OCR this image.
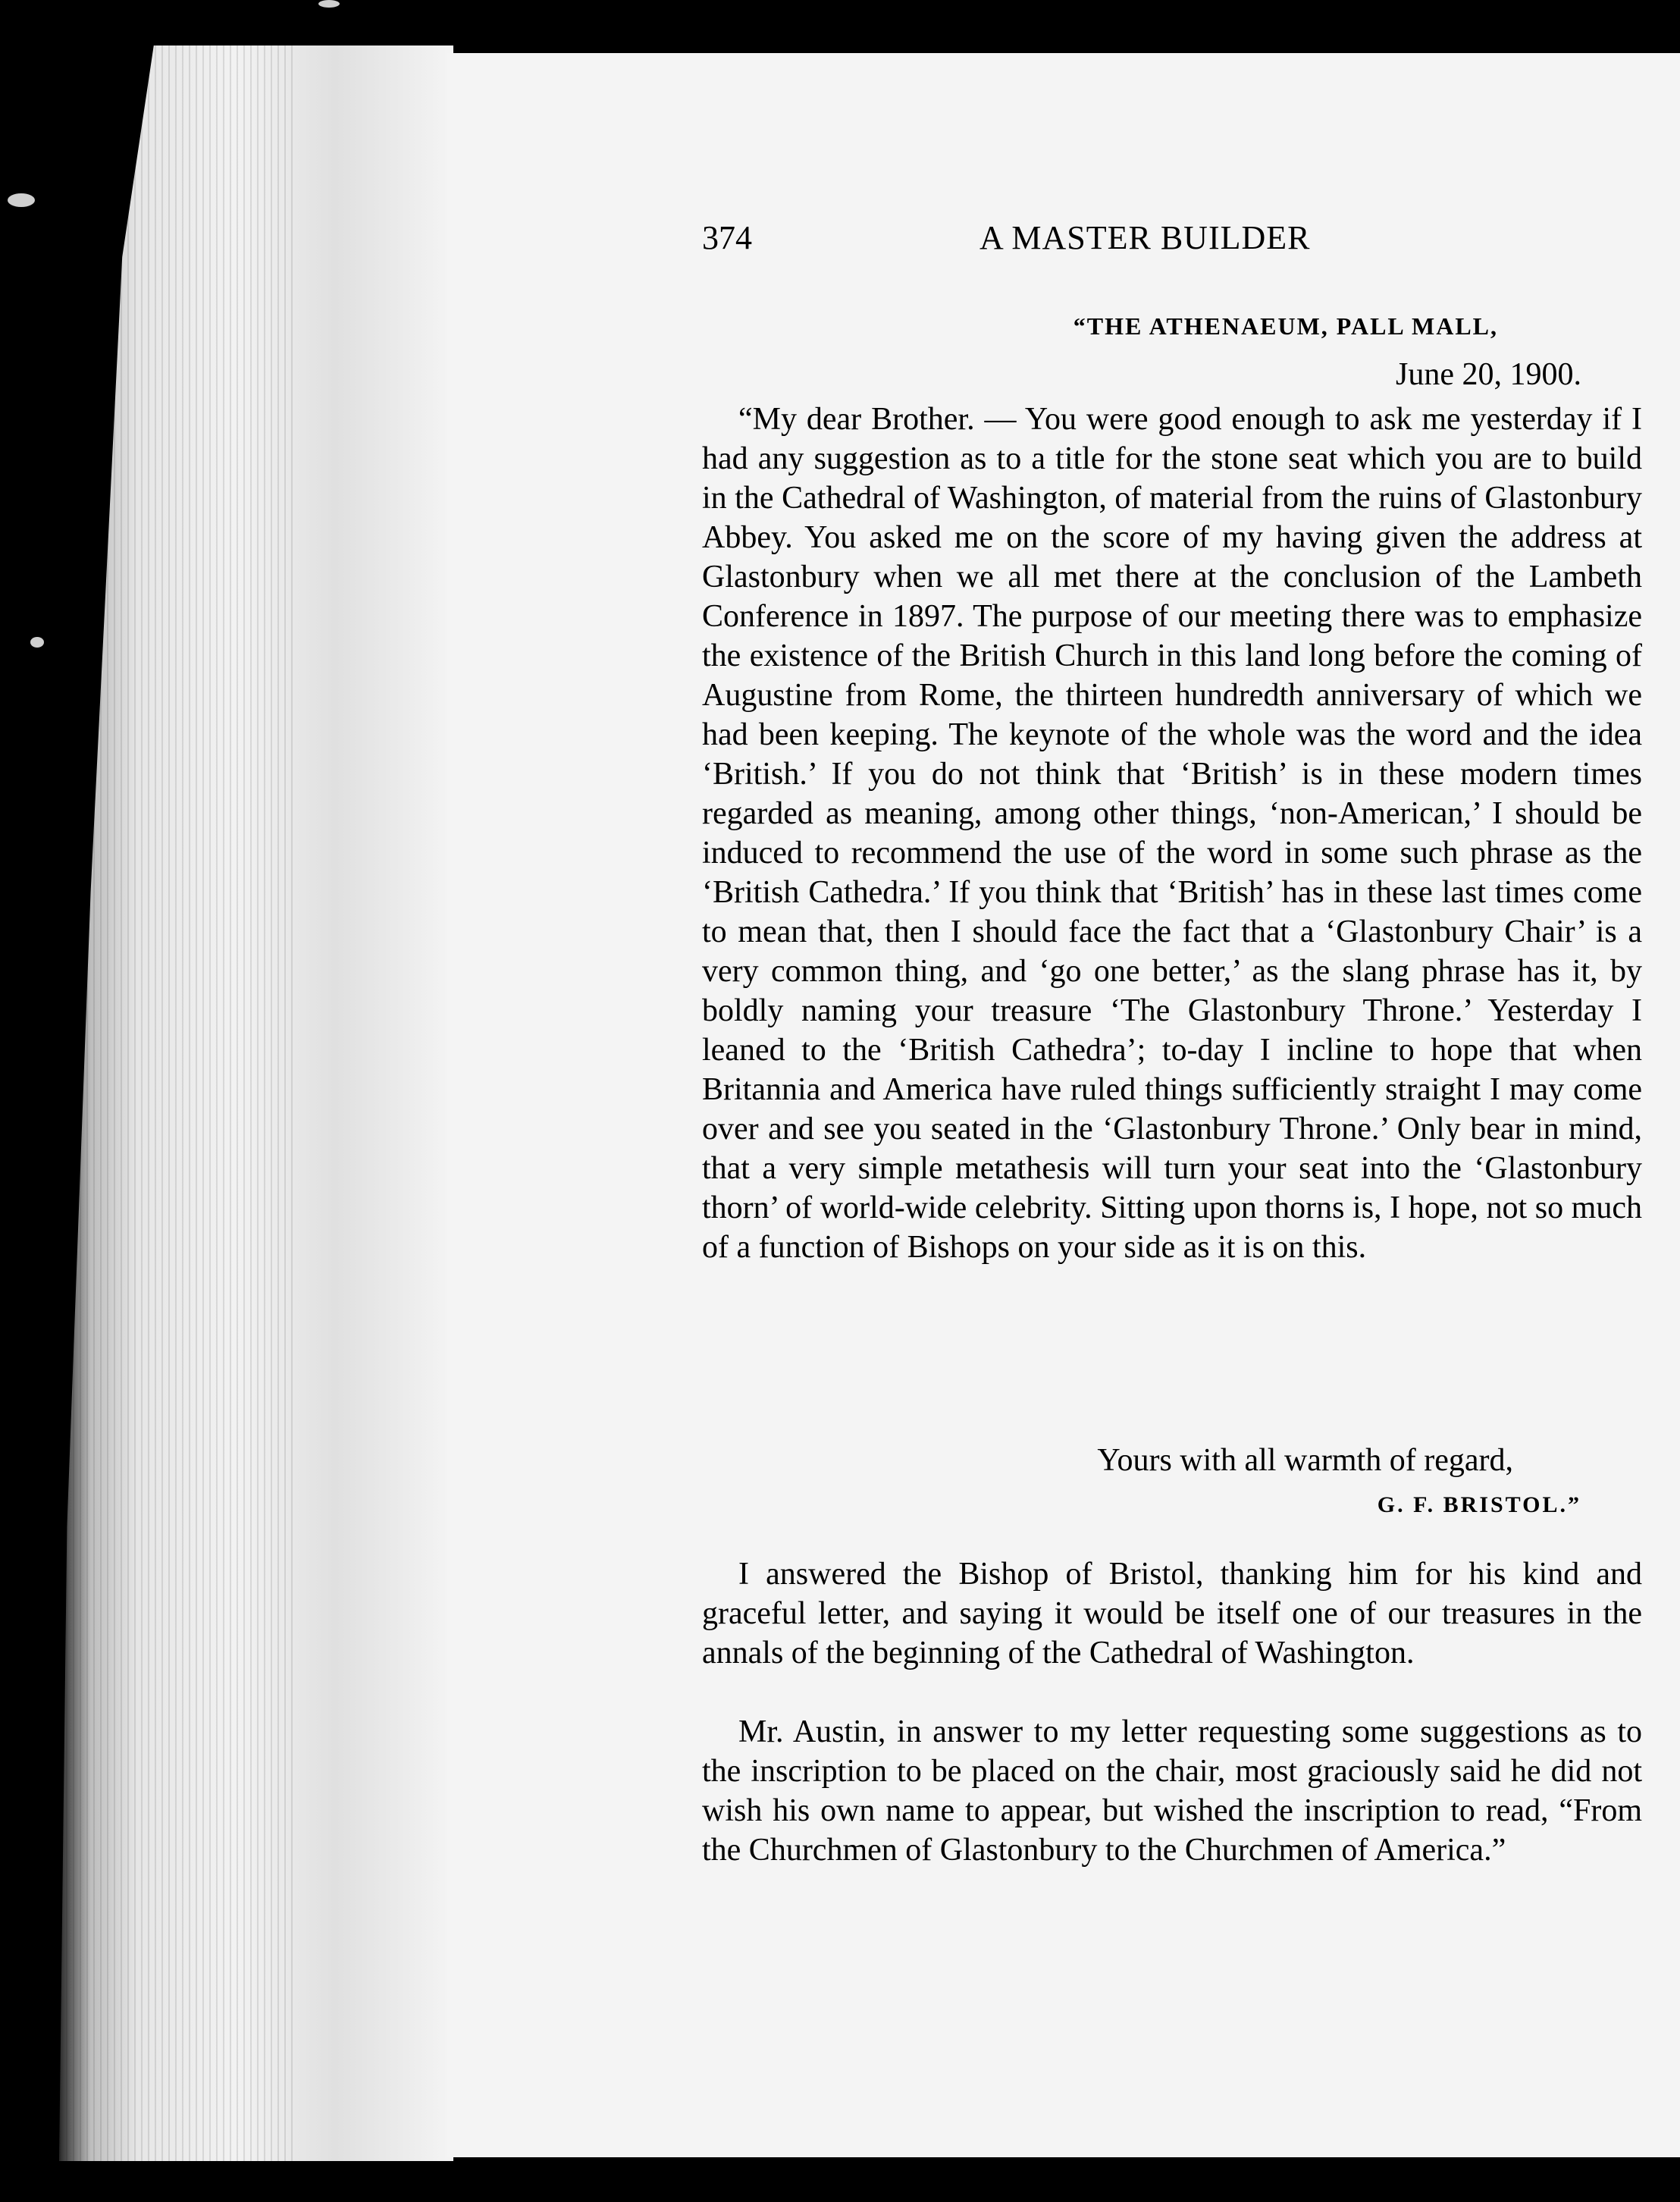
374	A MASTER BUILDER
“THE ATHENAEUM, PALL MALL,
June 20, 1900.

“My dear Brother. — You were good enough to ask me yesterday if I had any suggestion as to a title for the stone seat which you are to build in the Cathedral of Washington, of material from the ruins of Glastonbury Abbey. You asked me on the score of my having given the address at Glastonbury when we all met there at the conclusion of the Lambeth Conference in 1897. The purpose of our meeting there was to emphasize the existence of the British Church in this land long before the coming of Augustine from Rome, the thirteen hundredth anniversary of which we had been keeping. The keynote of the whole was the word and the idea ‘British.’ If you do not think that ‘British’ is in these modern times regarded as meaning, among other things, ‘non-American,’ I should be induced to recommend the use of the word in some such phrase as the ‘British Cathedra.’ If you think that ‘British’ has in these last times come to mean that, then I should face the fact that a ‘Glastonbury Chair’ is a very common thing, and ‘go one better,’ as the slang phrase has it, by boldly naming your treasure ‘The Glastonbury Throne.’ Yesterday I leaned to the ‘British Cathedra’; to-day I incline to hope that when Britannia and America have ruled things sufficiently straight I may come over and see you seated in the ‘Glastonbury Throne.’ Only bear in mind, that a very simple metathesis will turn your seat into the ‘Glastonbury thorn’ of world-wide celebrity. Sitting upon thorns is, I hope, not so much of a function of Bishops on your side as it is on this.

Yours with all warmth of regard,
G. F. BRISTOL.”

I answered the Bishop of Bristol, thanking him for his kind and graceful letter, and saying it would be itself one of our treasures in the annals of the beginning of the Cathedral of Washington.

Mr. Austin, in answer to my letter requesting some suggestions as to the inscription to be placed on the chair, most graciously said he did not wish his own name to appear, but wished the inscription to read, “From the Churchmen of Glastonbury to the Churchmen of America.”
